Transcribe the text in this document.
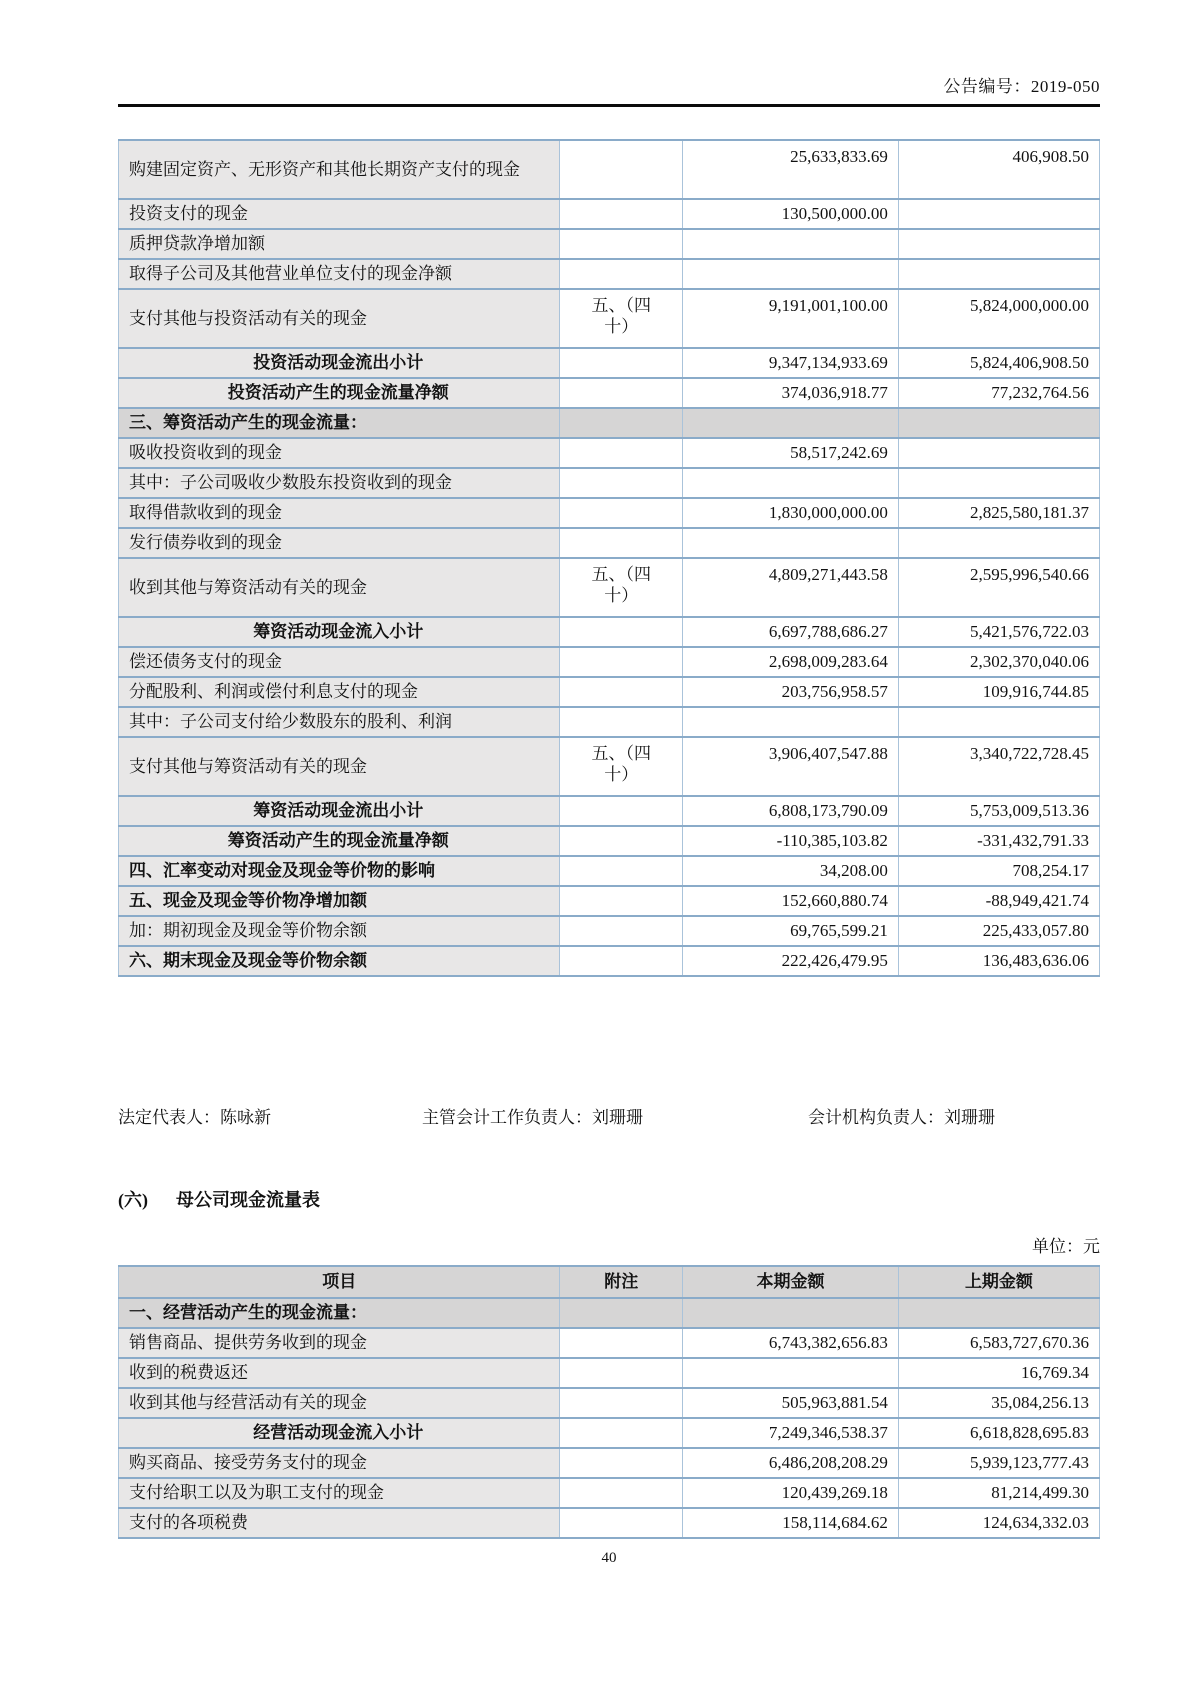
公告编号：2019-050
购建固定资产、无形资产和其他长期资产支付的现金		25,633,833.69	406,908.50
投资支付的现金		130,500,000.00	
质押贷款净增加额			
取得子公司及其他营业单位支付的现金净额			
支付其他与投资活动有关的现金	五、（四十）	9,191,001,100.00	5,824,000,000.00
投资活动现金流出小计		9,347,134,933.69	5,824,406,908.50
投资活动产生的现金流量净额		374,036,918.77	77,232,764.56
三、筹资活动产生的现金流量：			
吸收投资收到的现金		58,517,242.69	
其中：子公司吸收少数股东投资收到的现金			
取得借款收到的现金		1,830,000,000.00	2,825,580,181.37
发行债券收到的现金			
收到其他与筹资活动有关的现金	五、（四十）	4,809,271,443.58	2,595,996,540.66
筹资活动现金流入小计		6,697,788,686.27	5,421,576,722.03
偿还债务支付的现金		2,698,009,283.64	2,302,370,040.06
分配股利、利润或偿付利息支付的现金		203,756,958.57	109,916,744.85
其中：子公司支付给少数股东的股利、利润			
支付其他与筹资活动有关的现金	五、（四十）	3,906,407,547.88	3,340,722,728.45
筹资活动现金流出小计		6,808,173,790.09	5,753,009,513.36
筹资活动产生的现金流量净额		-110,385,103.82	-331,432,791.33
四、汇率变动对现金及现金等价物的影响		34,208.00	708,254.17
五、现金及现金等价物净增加额		152,660,880.74	-88,949,421.74
加：期初现金及现金等价物余额		69,765,599.21	225,433,057.80
六、期末现金及现金等价物余额		222,426,479.95	136,483,636.06
法定代表人：陈咏新	主管会计工作负责人：刘珊珊	会计机构负责人：刘珊珊
(六)	母公司现金流量表
单位：元
项目	附注	本期金额	上期金额
一、经营活动产生的现金流量：			
销售商品、提供劳务收到的现金		6,743,382,656.83	6,583,727,670.36
收到的税费返还			16,769.34
收到其他与经营活动有关的现金		505,963,881.54	35,084,256.13
经营活动现金流入小计		7,249,346,538.37	6,618,828,695.83
购买商品、接受劳务支付的现金		6,486,208,208.29	5,939,123,777.43
支付给职工以及为职工支付的现金		120,439,269.18	81,214,499.30
支付的各项税费		158,114,684.62	124,634,332.03
40
